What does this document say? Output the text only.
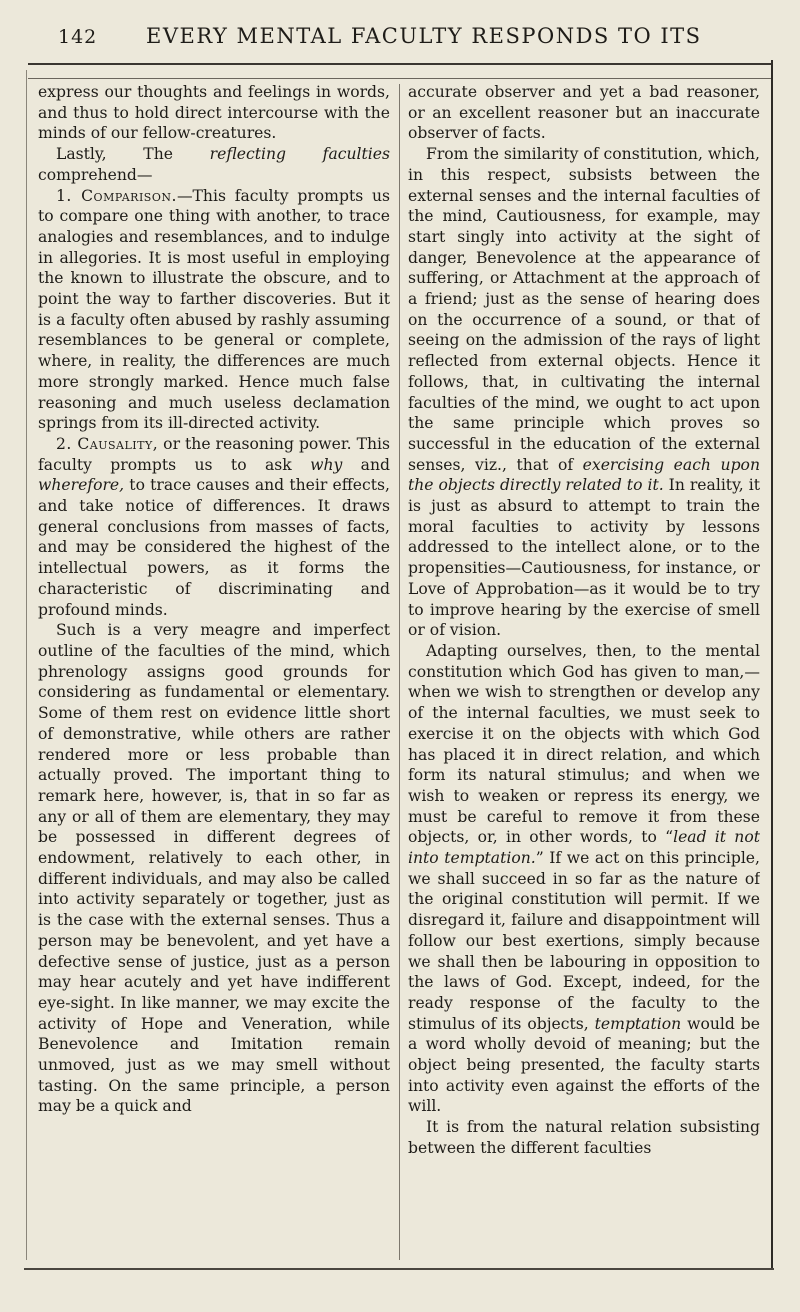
142 EVERY MENTAL FACULTY RESPONDS TO ITS

express our thoughts and feelings in words, and thus to hold direct intercourse with the minds of our fellow-creatures.

Lastly, The reflecting faculties comprehend—

1. Comparison.—This faculty prompts us to compare one thing with another, to trace analogies and resemblances, and to indulge in allegories. It is most useful in employing the known to illustrate the obscure, and to point the way to farther discoveries. But it is a faculty often abused by rashly assuming resemblances to be general or complete, where, in reality, the differences are much more strongly marked. Hence much false reasoning and much useless declamation springs from its ill-directed activity.

2. Causality, or the reasoning power. This faculty prompts us to ask why and wherefore, to trace causes and their effects, and take notice of differences. It draws general conclusions from masses of facts, and may be considered the highest of the intellectual powers, as it forms the characteristic of discriminating and profound minds.

Such is a very meagre and imperfect outline of the faculties of the mind, which phrenology assigns good grounds for considering as fundamental or elementary. Some of them rest on evidence little short of demonstrative, while others are rather rendered more or less probable than actually proved. The important thing to remark here, however, is, that in so far as any or all of them are elementary, they may be possessed in different degrees of endowment, relatively to each other, in different individuals, and may also be called into activity separately or together, just as is the case with the external senses. Thus a person may be benevolent, and yet have a defective sense of justice, just as a person may hear acutely and yet have indifferent eye-sight. In like manner, we may excite the activity of Hope and Veneration, while Benevolence and Imitation remain unmoved, just as we may smell without tasting. On the same principle, a person may be a quick and

accurate observer and yet a bad reasoner, or an excellent reasoner but an inaccurate observer of facts.

From the similarity of constitution, which, in this respect, subsists between the external senses and the internal faculties of the mind, Cautiousness, for example, may start singly into activity at the sight of danger, Benevolence at the appearance of suffering, or Attachment at the approach of a friend; just as the sense of hearing does on the occurrence of a sound, or that of seeing on the admission of the rays of light reflected from external objects. Hence it follows, that, in cultivating the internal faculties of the mind, we ought to act upon the same principle which proves so successful in the education of the external senses, viz., that of exercising each upon the objects directly related to it. In reality, it is just as absurd to attempt to train the moral faculties to activity by lessons addressed to the intellect alone, or to the propensities—Cautiousness, for instance, or Love of Approbation—as it would be to try to improve hearing by the exercise of smell or of vision.

Adapting ourselves, then, to the mental constitution which God has given to man,—when we wish to strengthen or develop any of the internal faculties, we must seek to exercise it on the objects with which God has placed it in direct relation, and which form its natural stimulus; and when we wish to weaken or repress its energy, we must be careful to remove it from these objects, or, in other words, to “lead it not into temptation.” If we act on this principle, we shall succeed in so far as the nature of the original constitution will permit. If we disregard it, failure and disappointment will follow our best exertions, simply because we shall then be labouring in opposition to the laws of God. Except, indeed, for the ready response of the faculty to the stimulus of its objects, temptation would be a word wholly devoid of meaning; but the object being presented, the faculty starts into activity even against the efforts of the will.

It is from the natural relation subsisting between the different faculties
